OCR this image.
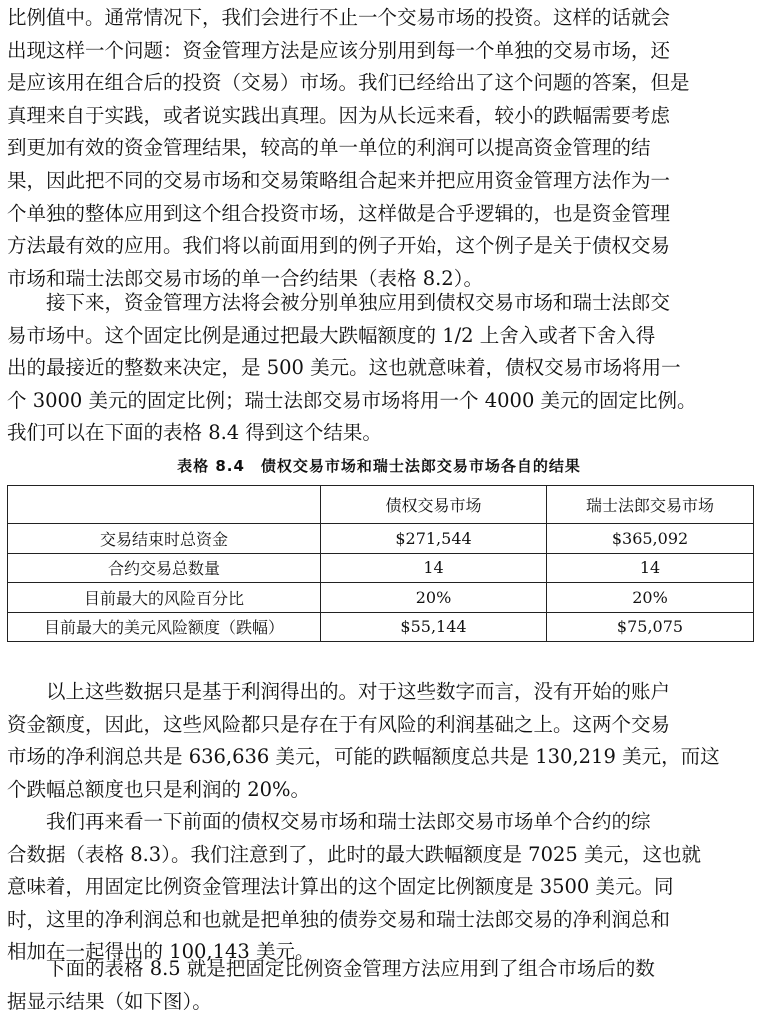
比例值中。通常情况下，我们会进行不止一个交易市场的投资。这样的话就会
出现这样一个问题：资金管理方法是应该分别用到每一个单独的交易市场，还
是应该用在组合后的投资（交易）市场。我们已经给出了这个问题的答案，但是
真理来自于实践，或者说实践出真理。因为从长远来看，较小的跌幅需要考虑
到更加有效的资金管理结果，较高的单一单位的利润可以提高资金管理的结
果，因此把不同的交易市场和交易策略组合起来并把应用资金管理方法作为一
个单独的整体应用到这个组合投资市场，这样做是合乎逻辑的，也是资金管理
方法最有效的应用。我们将以前面用到的例子开始，这个例子是关于债权交易
市场和瑞士法郎交易市场的单一合约结果（表格 8.2）。
　　接下来，资金管理方法将会被分别单独应用到债权交易市场和瑞士法郎交
易市场中。这个固定比例是通过把最大跌幅额度的 1/2 上舍入或者下舍入得
出的最接近的整数来决定，是 500 美元。这也就意味着，债权交易市场将用一
个 3000 美元的固定比例；瑞士法郎交易市场将用一个 4000 美元的固定比例。
我们可以在下面的表格 8.4 得到这个结果。
表格 8.4　债权交易市场和瑞士法郎交易市场各自的结果
	债权交易市场	瑞士法郎交易市场
交易结束时总资金	$271,544	$365,092
合约交易总数量	14	14
目前最大的风险百分比	20%	20%
目前最大的美元风险额度（跌幅）	$55,144	$75,075
　　以上这些数据只是基于利润得出的。对于这些数字而言，没有开始的账户
资金额度，因此，这些风险都只是存在于有风险的利润基础之上。这两个交易
市场的净利润总共是 636,636 美元，可能的跌幅额度总共是 130,219 美元，而这
个跌幅总额度也只是利润的 20%。
　　我们再来看一下前面的债权交易市场和瑞士法郎交易市场单个合约的综
合数据（表格 8.3）。我们注意到了，此时的最大跌幅额度是 7025 美元，这也就
意味着，用固定比例资金管理法计算出的这个固定比例额度是 3500 美元。同
时，这里的净利润总和也就是把单独的债券交易和瑞士法郎交易的净利润总和
相加在一起得出的 100,143 美元。
　　下面的表格 8.5 就是把固定比例资金管理方法应用到了组合市场后的数
据显示结果（如下图）。
